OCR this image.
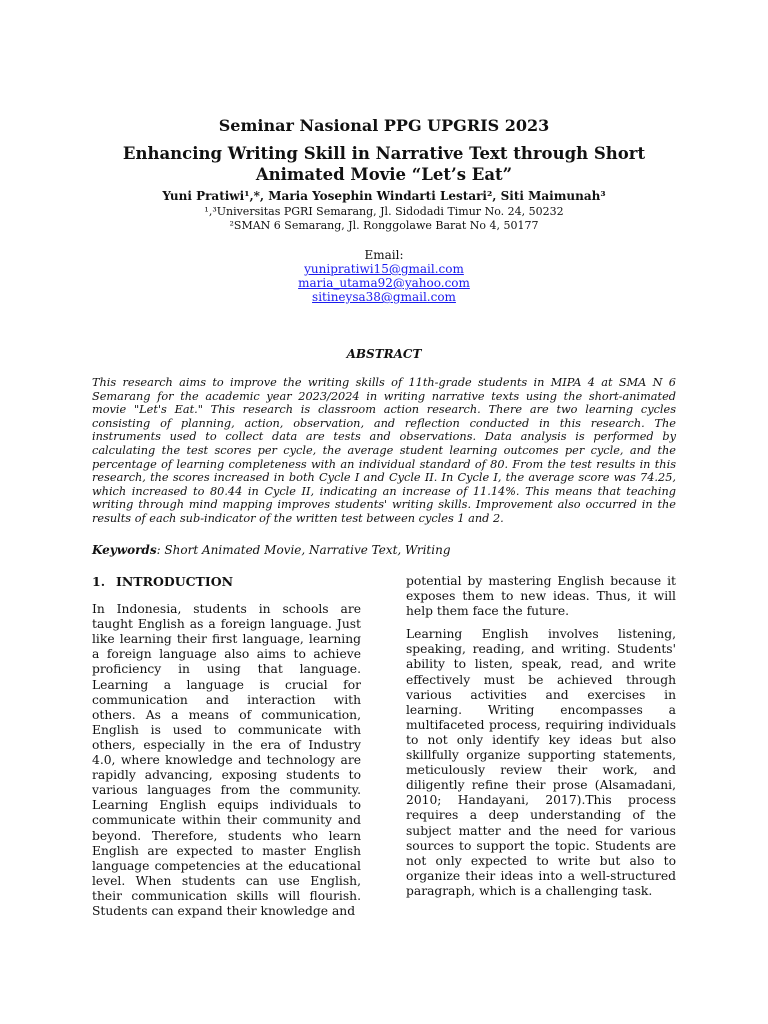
Seminar Nasional PPG UPGRIS 2023
Enhancing Writing Skill in Narrative Text through Short Animated Movie “Let’s Eat”
Yuni Pratiwi¹,*, Maria Yosephin Windarti Lestari², Siti Maimunah³
¹,³Universitas PGRI Semarang, Jl. Sidodadi Timur No. 24, 50232
²SMAN 6 Semarang, Jl. Ronggolawe Barat No 4, 50177
Email:
yunipratiwi15@gmail.com
maria_utama92@yahoo.com
sitineysa38@gmail.com
ABSTRACT
This research aims to improve the writing skills of 11th-grade students in MIPA 4 at SMA N 6 Semarang for the academic year 2023/2024 in writing narrative texts using the short-animated movie "Let's Eat." This research is classroom action research. There are two learning cycles consisting of planning, action, observation, and reflection conducted in this research. The instruments used to collect data are tests and observations. Data analysis is performed by calculating the test scores per cycle, the average student learning outcomes per cycle, and the percentage of learning completeness with an individual standard of 80. From the test results in this research, the scores increased in both Cycle I and Cycle II. In Cycle I, the average score was 74.25, which increased to 80.44 in Cycle II, indicating an increase of 11.14%. This means that teaching writing through mind mapping improves students' writing skills. Improvement also occurred in the results of each sub-indicator of the written test between cycles 1 and 2.
Keywords: Short Animated Movie, Narrative Text, Writing
1. INTRODUCTION

In Indonesia, students in schools are taught English as a foreign language. Just like learning their first language, learning a foreign language also aims to achieve proficiency in using that language. Learning a language is crucial for communication and interaction with others. As a means of communication, English is used to communicate with others, especially in the era of Industry 4.0, where knowledge and technology are rapidly advancing, exposing students to various languages from the community. Learning English equips individuals to communicate within their community and beyond. Therefore, students who learn English are expected to master English language competencies at the educational level. When students can use English, their communication skills will flourish. Students can expand their knowledge and

potential by mastering English because it exposes them to new ideas. Thus, it will help them face the future.

Learning English involves listening, speaking, reading, and writing. Students' ability to listen, speak, read, and write effectively must be achieved through various activities and exercises in learning. Writing encompasses a multifaceted process, requiring individuals to not only identify key ideas but also skillfully organize supporting statements, meticulously review their work, and diligently refine their prose (Alsamadani, 2010; Handayani, 2017).This process requires a deep understanding of the subject matter and the need for various sources to support the topic. Students are not only expected to write but also to organize their ideas into a well-structured paragraph, which is a challenging task.
